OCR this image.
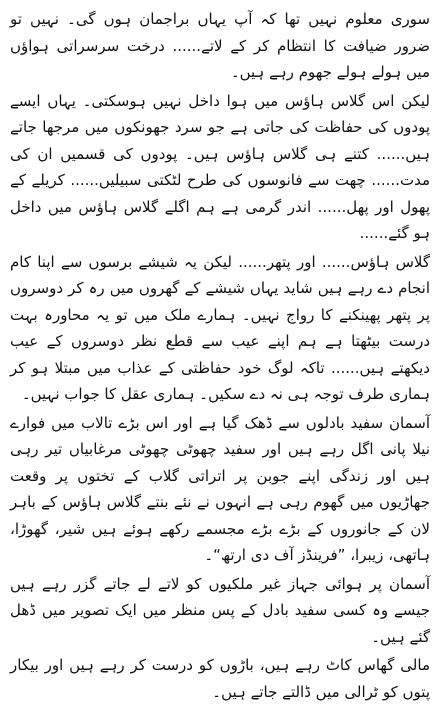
سوری معلوم نہیں تھا کہ آپ یہاں براجمان ہوں گی۔ نہیں تو ضرور ضیافت کا انتظام کر کے لاتے...... درخت سرسراتی ہواؤں میں ہولے ہولے جھوم رہے ہیں۔

لیکن اس گلاس ہاؤس میں ہوا داخل نہیں ہوسکتی۔ یہاں ایسے پودوں کی حفاظت کی جاتی ہے جو سرد جھونکوں میں مرجھا جاتے ہیں...... کتنے ہی گلاس ہاؤس ہیں۔ پودوں کی قسمیں ان کی مدت...... چھت سے فانوسوں کی طرح لٹکتی سبیلیں...... کریلے کے پھول اور پھل...... اندر گرمی ہے ہم اگلے گلاس ہاؤس میں داخل ہو گئے......

گلاس ہاؤس...... اور پتھر...... لیکن یہ شیشے برسوں سے اپنا کام انجام دے رہے ہیں شاید یہاں شیشے کے گھروں میں رہ کر دوسروں پر پتھر پھینکنے کا رواج نہیں۔ ہمارے ملک میں تو یہ محاورہ بہت درست بیٹھتا ہے ہم اپنے عیب سے قطع نظر دوسروں کے عیب دیکھتے ہیں...... تاکہ لوگ خود حفاظتی کے عذاب میں مبتلا ہو کر ہماری طرف توجہ ہی نہ دے سکیں۔ ہماری عقل کا جواب نہیں۔

آسمان سفید بادلوں سے ڈھک گیا ہے اور اس بڑے تالاب میں فوارے نیلا پانی اگل رہے ہیں اور سفید چھوٹی چھوٹی مرغابیاں تیر رہی ہیں اور زندگی اپنے جوبن پر اتراتی گلاب کے تختوں پر وقعت جھاڑیوں میں گھوم رہی ہے انہوں نے نئے بنتے گلاس ہاؤس کے باہر لان کے جانوروں کے بڑے بڑے مجسمے رکھے ہوئے ہیں شیر، گھوڑا، ہاتھی، زیبرا، ”فرینڈز آف دی ارتھ“۔

آسمان پر ہوائی جہاز غیر ملکیوں کو لاتے لے جاتے گزر رہے ہیں جیسے وہ کسی سفید بادل کے پس منظر میں ایک تصویر میں ڈھل گئے ہیں۔

مالی گھاس کاٹ رہے ہیں، باڑوں کو درست کر رہے ہیں اور بیکار پتوں کو ٹرالی میں ڈالتے جاتے ہیں۔
